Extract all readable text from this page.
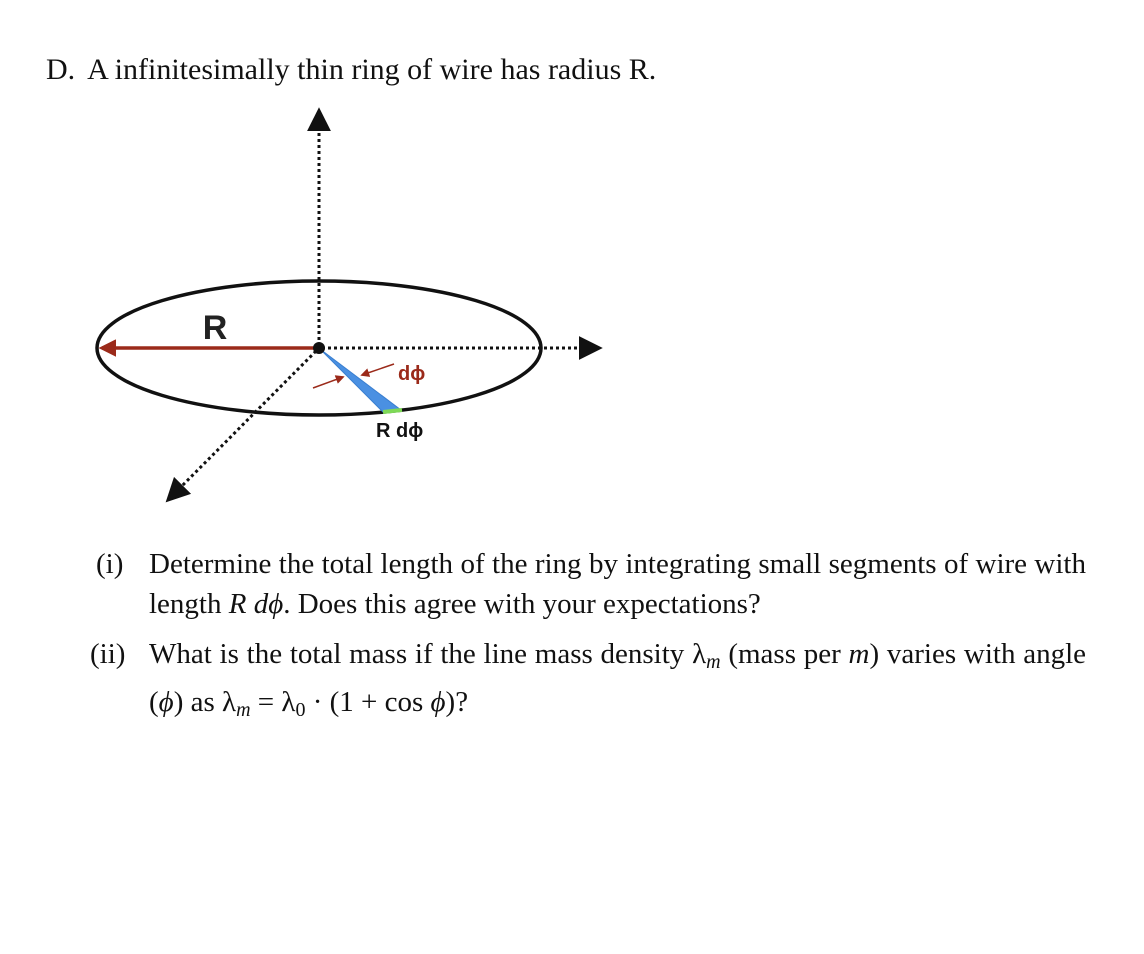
D. A infinitesimally thin ring of wire has radius R.
R
dϕ
R dϕ
(i) Determine the total length of the ring by integrating small segments of wire with length R dϕ. Does this agree with your expectations?
(ii) What is the total mass if the line mass density $\lambda_m$ (mass per m) varies with angle (ϕ) as $\lambda_m = \lambda 0 \cdot (1 + \cos \phi)$?
